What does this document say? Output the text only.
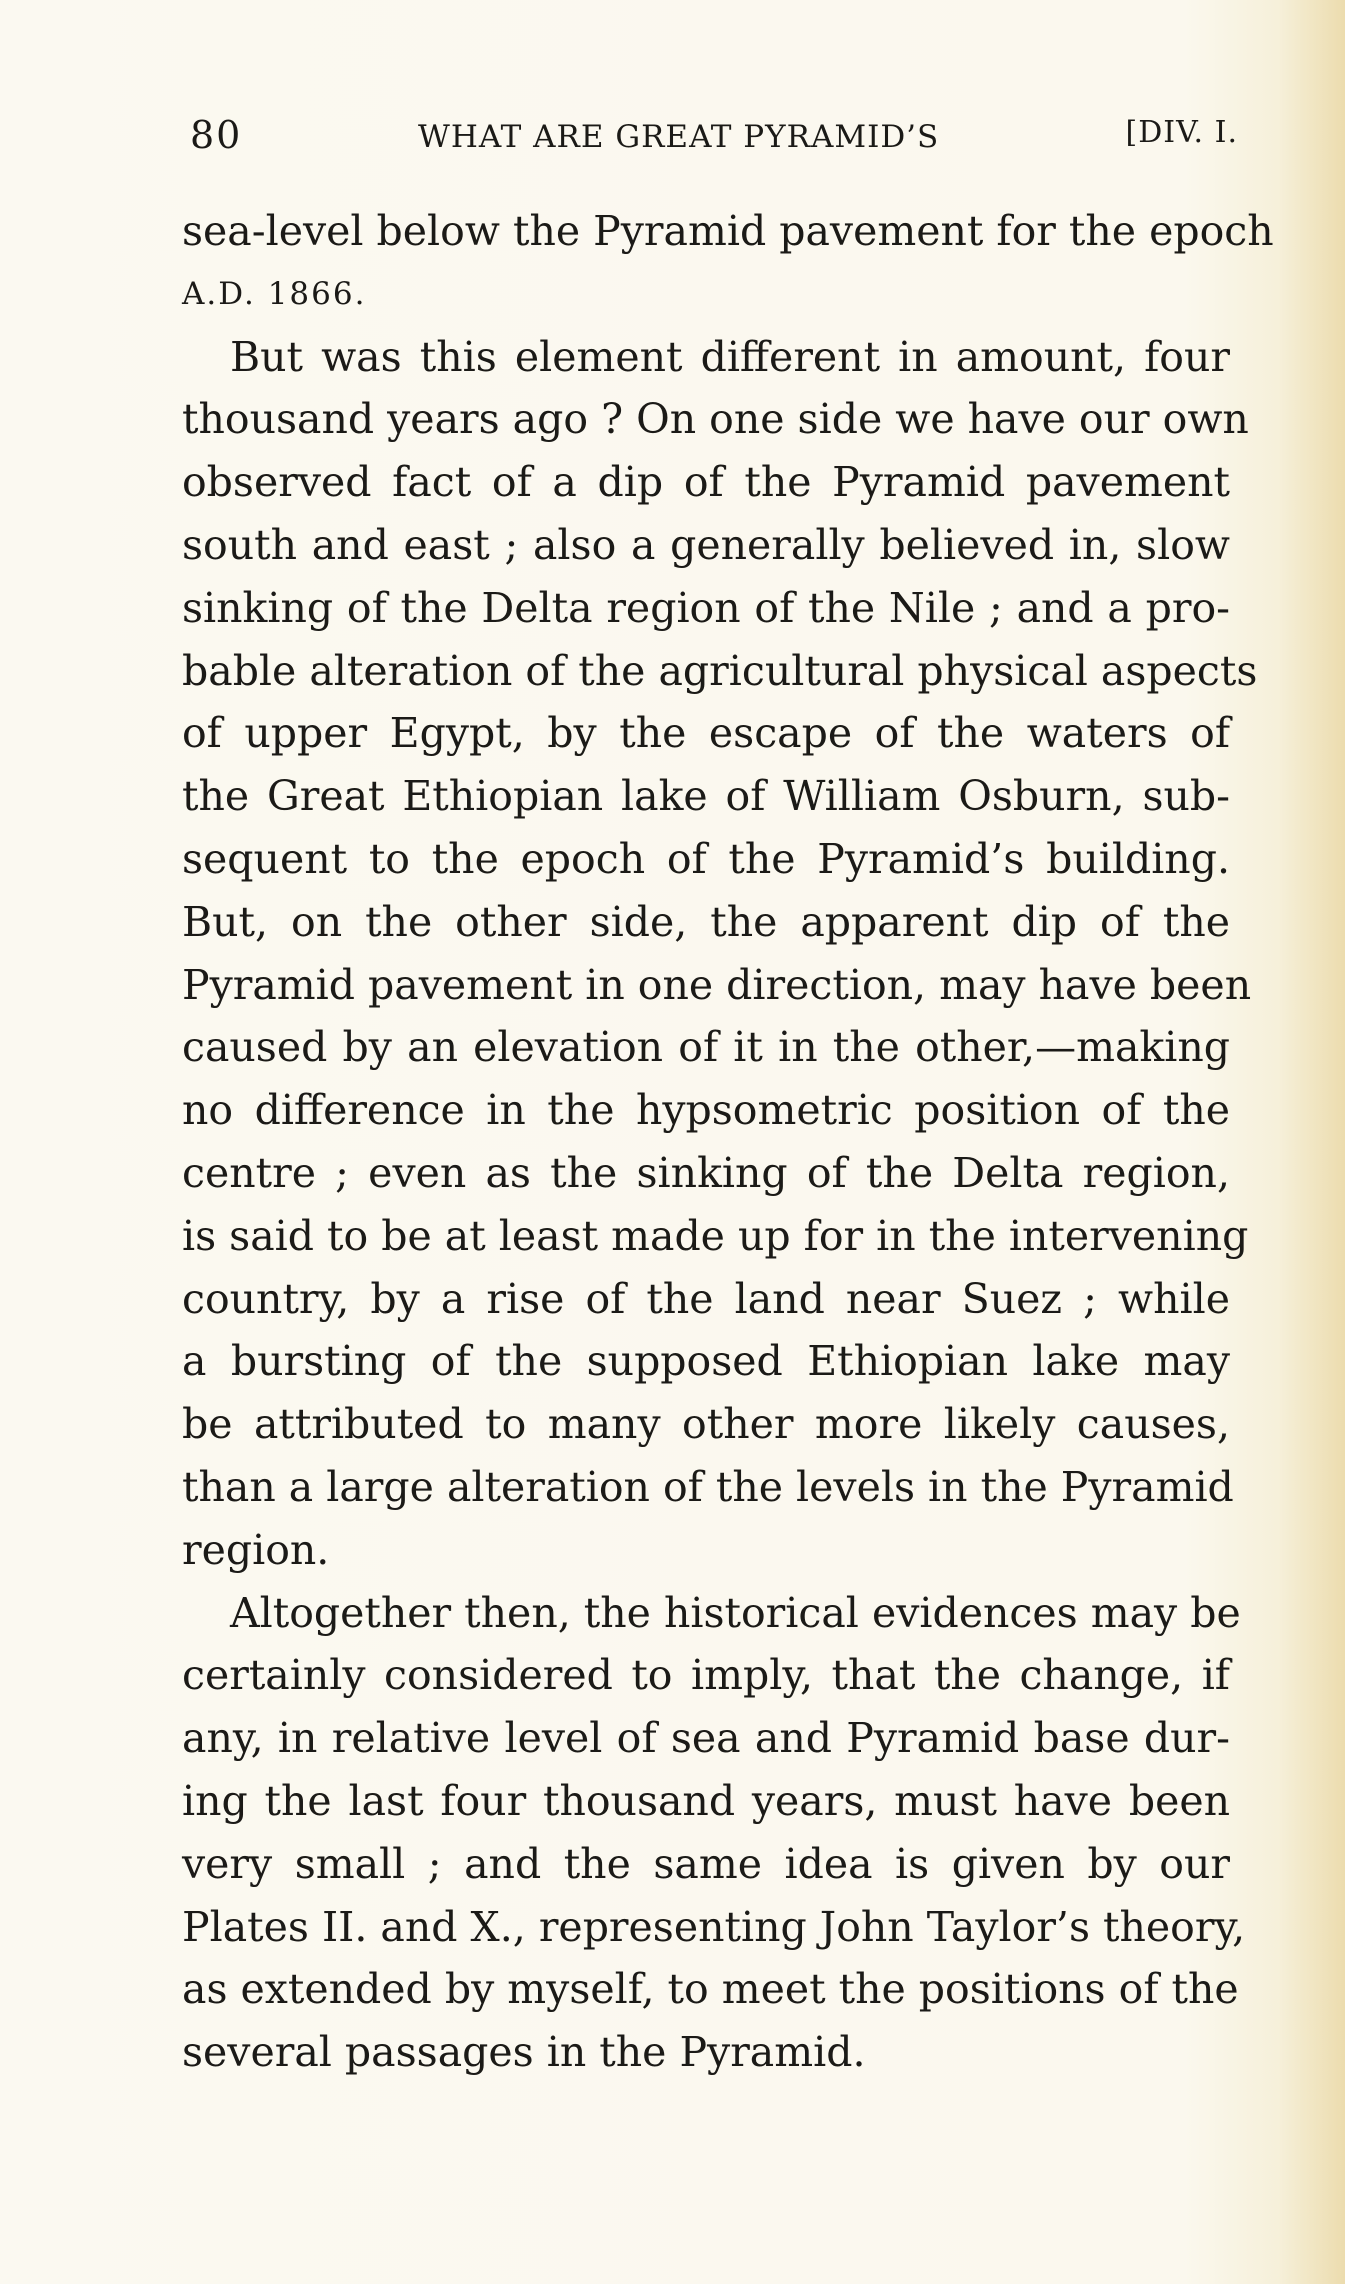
80	WHAT ARE GREAT PYRAMID’S	[DIV. I.
sea-level below the Pyramid pavement for the epoch
A.D. 1866.
But was this element different in amount, four
thousand years ago ? On one side we have our own
observed fact of a dip of the Pyramid pavement
south and east ; also a generally believed in, slow
sinking of the Delta region of the Nile ; and a pro-
bable alteration of the agricultural physical aspects
of upper Egypt, by the escape of the waters of
the Great Ethiopian lake of William Osburn, sub-
sequent to the epoch of the Pyramid’s building.
But, on the other side, the apparent dip of the
Pyramid pavement in one direction, may have been
caused by an elevation of it in the other,—making
no difference in the hypsometric position of the
centre ; even as the sinking of the Delta region,
is said to be at least made up for in the intervening
country, by a rise of the land near Suez ; while
a bursting of the supposed Ethiopian lake may
be attributed to many other more likely causes,
than a large alteration of the levels in the Pyramid
region.
Altogether then, the historical evidences may be
certainly considered to imply, that the change, if
any, in relative level of sea and Pyramid base dur-
ing the last four thousand years, must have been
very small ; and the same idea is given by our
Plates II. and X., representing John Taylor’s theory,
as extended by myself, to meet the positions of the
several passages in the Pyramid.
